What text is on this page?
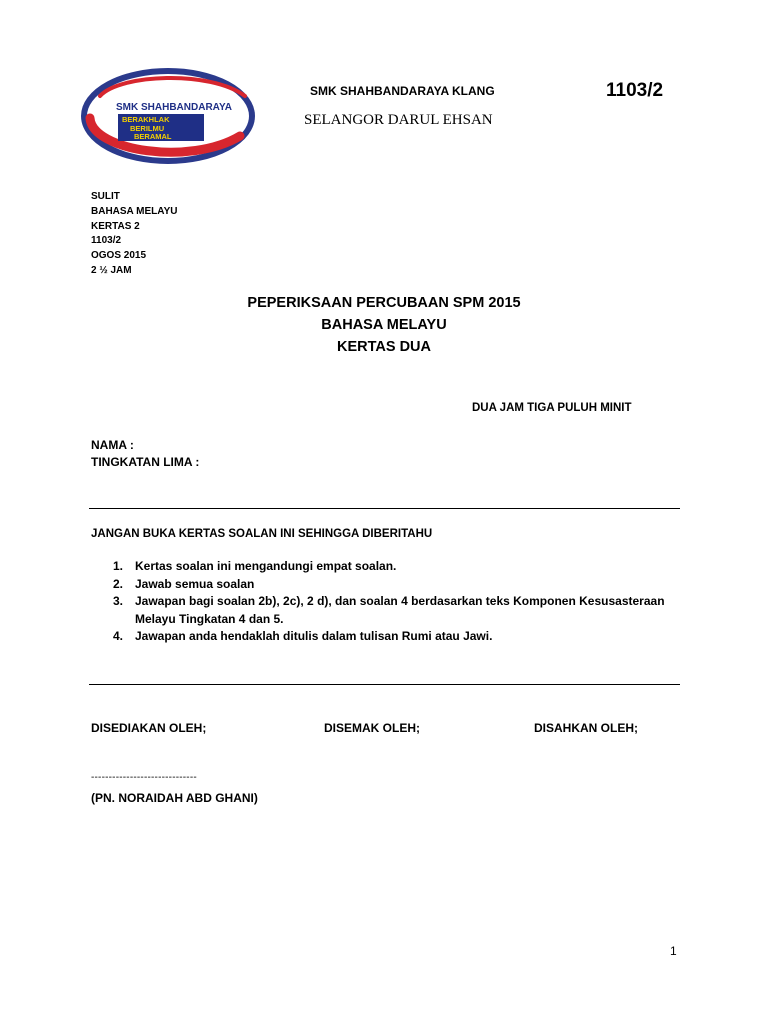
SMK SHAHBANDARAYA
BERAKHLAK
BERILMU
BERAMAL
SMK SHAHBANDARAYA KLANG	1103/2
SELANGOR DARUL EHSAN
SULIT
BAHASA MELAYU
KERTAS 2
1103/2
OGOS 2015
2 ½ JAM
PEPERIKSAAN PERCUBAAN SPM 2015
BAHASA MELAYU
KERTAS DUA
DUA JAM TIGA PULUH MINIT
NAMA :
TINGKATAN LIMA :
JANGAN BUKA KERTAS SOALAN INI SEHINGGA DIBERITAHU
1. Kertas soalan ini mengandungi empat soalan.
2. Jawab semua soalan
3. Jawapan bagi soalan 2b), 2c), 2 d), dan soalan 4 berdasarkan teks Komponen Kesusasteraan Melayu Tingkatan 4 dan 5.
4. Jawapan anda hendaklah ditulis dalam tulisan Rumi atau Jawi.
DISEDIAKAN OLEH;	DISEMAK OLEH;	DISAHKAN OLEH;
------------------------------
(PN. NORAIDAH ABD GHANI)
1
